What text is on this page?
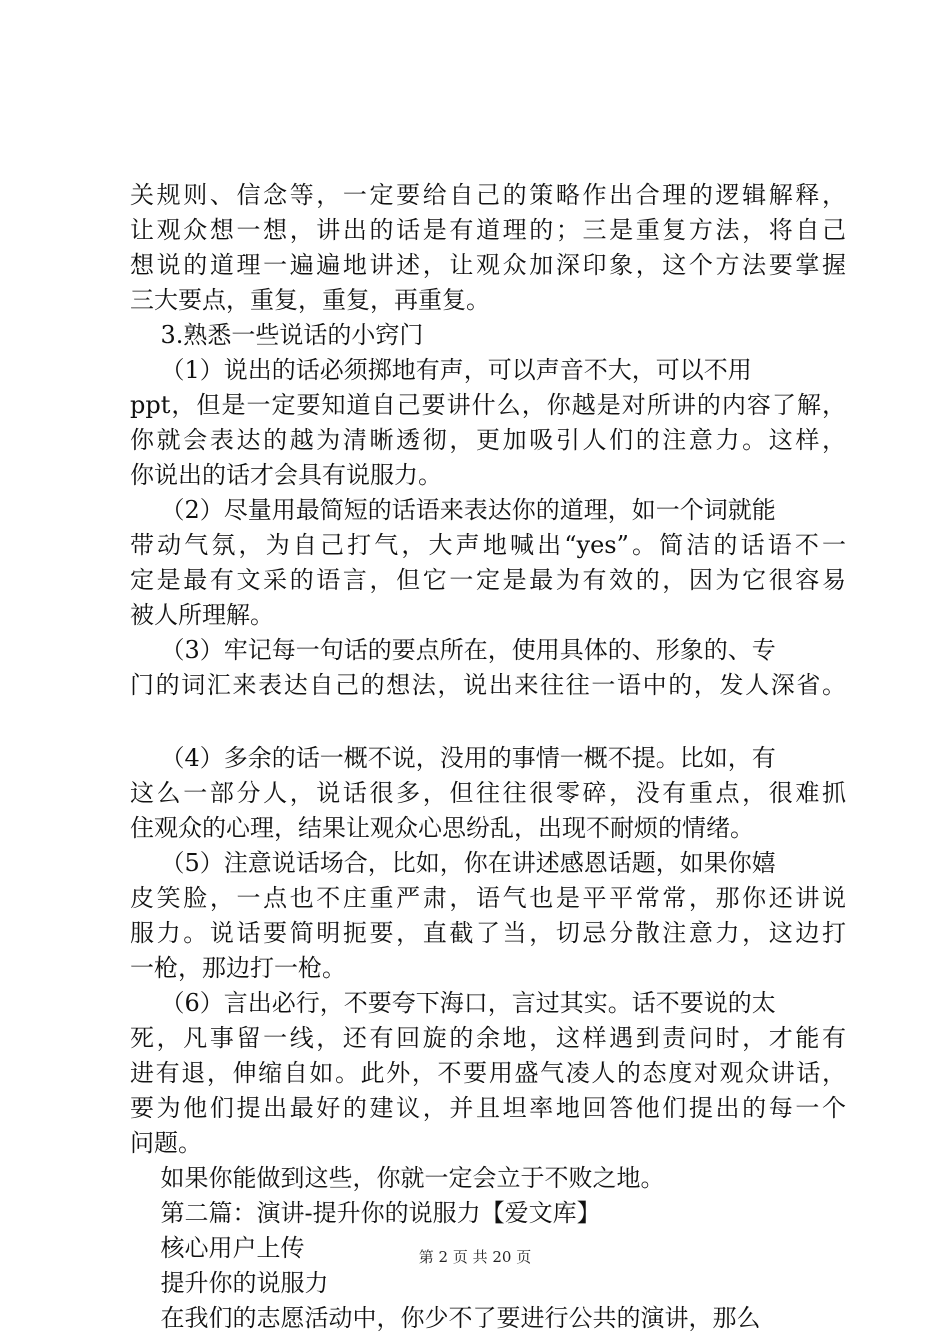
关规则、信念等，一定要给自己的策略作出合理的逻辑解释，
让观众想一想，讲出的话是有道理的；三是重复方法，将自己
想说的道理一遍遍地讲述，让观众加深印象，这个方法要掌握
三大要点，重复，重复，再重复。
3.熟悉一些说话的小窍门
（1）说出的话必须掷地有声，可以声音不大，可以不用
ppt，但是一定要知道自己要讲什么，你越是对所讲的内容了解，
你就会表达的越为清晰透彻，更加吸引人们的注意力。这样，
你说出的话才会具有说服力。
（2）尽量用最简短的话语来表达你的道理，如一个词就能
带动气氛，为自己打气，大声地喊出“yes”。简洁的话语不一
定是最有文采的语言，但它一定是最为有效的，因为它很容易
被人所理解。
（3）牢记每一句话的要点所在，使用具体的、形象的、专
门的词汇来表达自己的想法，说出来往往一语中的，发人深省。
（4）多余的话一概不说，没用的事情一概不提。比如，有
这么一部分人，说话很多，但往往很零碎，没有重点，很难抓
住观众的心理，结果让观众心思纷乱，出现不耐烦的情绪。
（5）注意说话场合，比如，你在讲述感恩话题，如果你嬉
皮笑脸，一点也不庄重严肃，语气也是平平常常，那你还讲说
服力。说话要简明扼要，直截了当，切忌分散注意力，这边打
一枪，那边打一枪。
（6）言出必行，不要夸下海口，言过其实。话不要说的太
死，凡事留一线，还有回旋的余地，这样遇到责问时，才能有
进有退，伸缩自如。此外，不要用盛气凌人的态度对观众讲话，
要为他们提出最好的建议，并且坦率地回答他们提出的每一个
问题。
如果你能做到这些，你就一定会立于不败之地。
第二篇：演讲-提升你的说服力【爱文库】
核心用户上传
提升你的说服力
在我们的志愿活动中，你少不了要进行公共的演讲，那么
第 2 页 共 20 页
